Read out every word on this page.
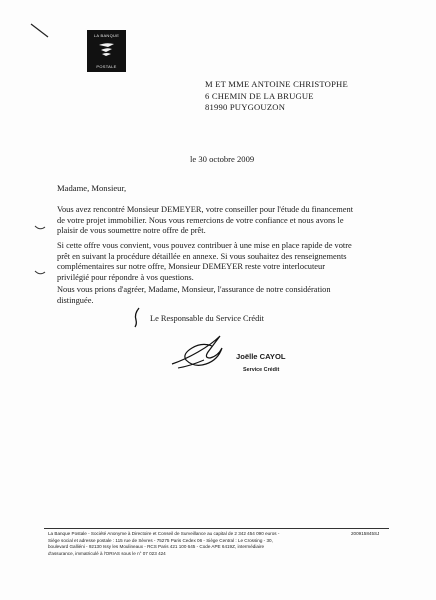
LA BANQUE
POSTALE
M ET MME ANTOINE CHRISTOPHE
6 CHEMIN DE LA BRUGUE
81990 PUYGOUZON
le 30 octobre 2009
Madame, Monsieur,
Vous avez rencontré Monsieur DEMEYER, votre conseiller pour l'étude du financement
de votre projet immobilier. Nous vous remercions de votre confiance et nous avons le
plaisir de vous soumettre notre offre de prêt.
Si cette offre vous convient, vous pouvez contribuer à une mise en place rapide de votre
prêt en suivant la procédure détaillée en annexe. Si vous souhaitez des renseignements
complémentaires sur notre offre, Monsieur DEMEYER reste votre interlocuteur
privilégié pour répondre à vos questions.
Nous vous prions d'agréer, Madame, Monsieur, l'assurance de notre considération
distinguée.
Le Responsable du Service Crédit
Joëlle CAYOL
Service Crédit
La Banque Postale - Société Anonyme à Directoire et Conseil de Surveillance au capital de 2 342 454 090 euros -
Siège social et adresse postale : 115 rue de Sèvres - 75275 Paris Cedex 06 - Siège Central : Le Crossing - 30,
boulevard Galliéni - 92130 Issy les Moulineaux - RCS Paris 421 100 645 - Code APE 6419Z, intermédiaire
d'assurance, immatriculé à l'ORIAS sous le n° 07 023 424
200915845SJ
